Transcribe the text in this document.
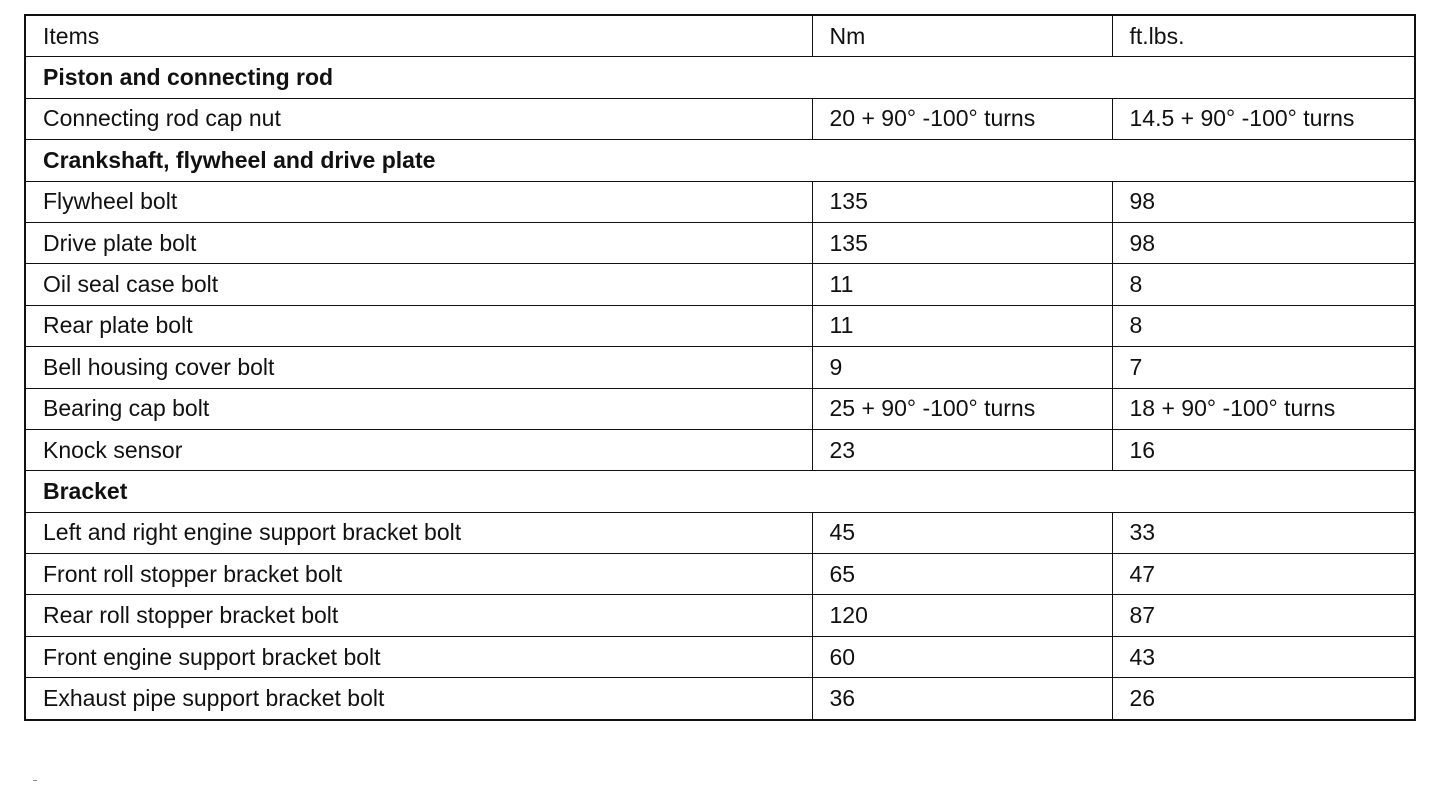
Items	Nm	ft.lbs.
Piston and connecting rod		
Connecting rod cap nut	20 + 90° -100° turns	14.5 + 90° -100° turns
Crankshaft, flywheel and drive plate		
Flywheel bolt	135	98
Drive plate bolt	135	98
Oil seal case bolt	11	8
Rear plate bolt	11	8
Bell housing cover bolt	9	7
Bearing cap bolt	25 + 90° -100° turns	18 + 90° -100° turns
Knock sensor	23	16
Bracket		
Left and right engine support bracket bolt	45	33
Front roll stopper bracket bolt	65	47
Rear roll stopper bracket bolt	120	87
Front engine support bracket bolt	60	43
Exhaust pipe support bracket bolt	36	26
